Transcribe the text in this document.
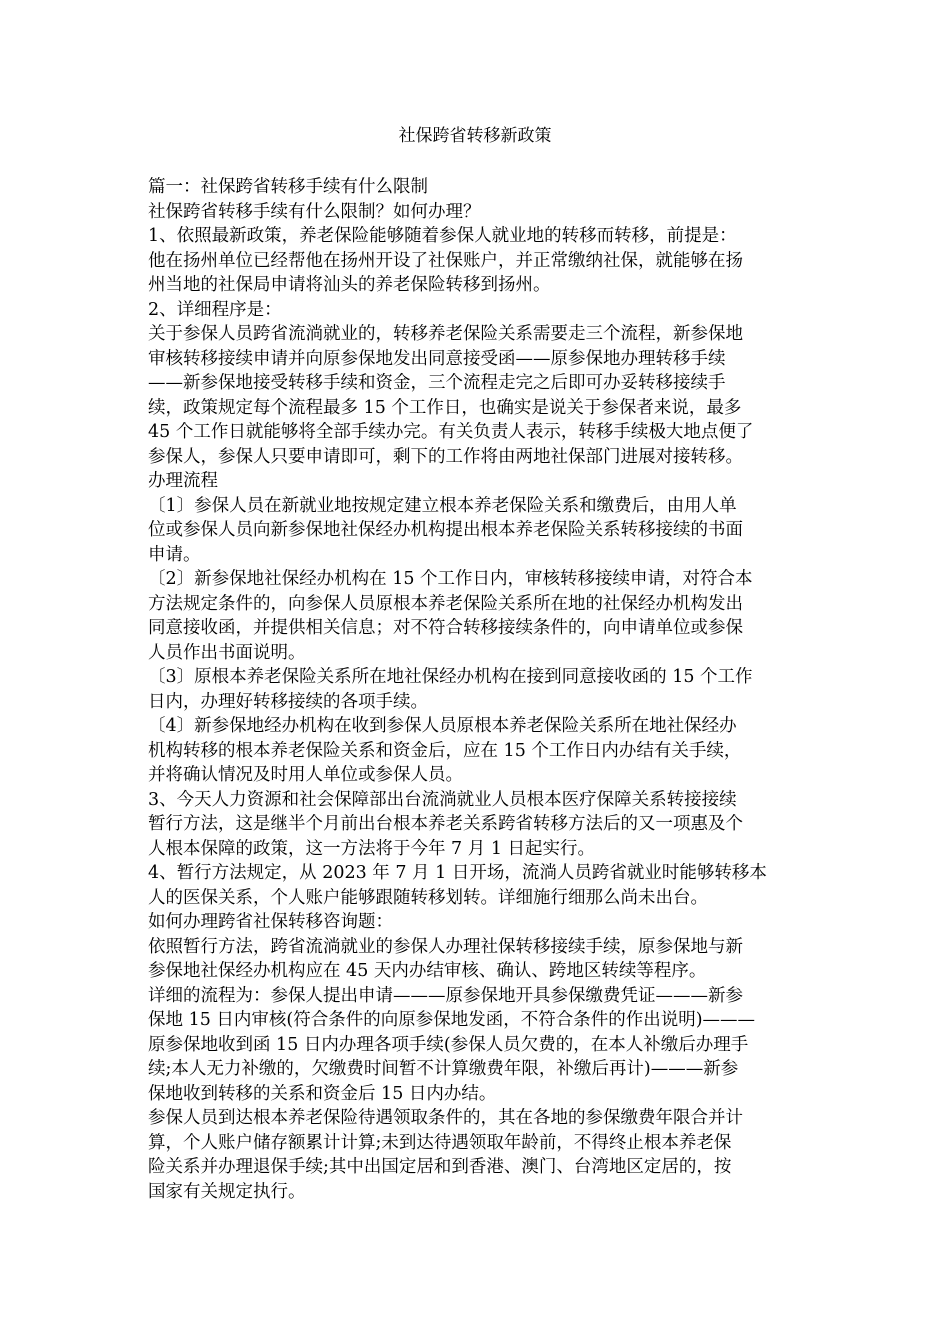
社保跨省转移新政策
篇一：社保跨省转移手续有什么限制
社保跨省转移手续有什么限制？如何办理？
1、依照最新政策，养老保险能够随着参保人就业地的转移而转移，前提是：
他在扬州单位已经帮他在扬州开设了社保账户，并正常缴纳社保，就能够在扬
州当地的社保局申请将汕头的养老保险转移到扬州。
2、详细程序是：
关于参保人员跨省流淌就业的，转移养老保险关系需要走三个流程，新参保地
审核转移接续申请并向原参保地发出同意接受函——原参保地办理转移手续
——新参保地接受转移手续和资金，三个流程走完之后即可办妥转移接续手
续，政策规定每个流程最多 15 个工作日，也确实是说关于参保者来说，最多
45 个工作日就能够将全部手续办完。有关负责人表示，转移手续极大地点便了
参保人，参保人只要申请即可，剩下的工作将由两地社保部门进展对接转移。
办理流程
〔1〕参保人员在新就业地按规定建立根本养老保险关系和缴费后，由用人单
位或参保人员向新参保地社保经办机构提出根本养老保险关系转移接续的书面
申请。
〔2〕新参保地社保经办机构在 15 个工作日内，审核转移接续申请，对符合本
方法规定条件的，向参保人员原根本养老保险关系所在地的社保经办机构发出
同意接收函，并提供相关信息；对不符合转移接续条件的，向申请单位或参保
人员作出书面说明。
〔3〕原根本养老保险关系所在地社保经办机构在接到同意接收函的 15 个工作
日内，办理好转移接续的各项手续。
〔4〕新参保地经办机构在收到参保人员原根本养老保险关系所在地社保经办
机构转移的根本养老保险关系和资金后，应在 15 个工作日内办结有关手续，
并将确认情况及时用人单位或参保人员。
3、今天人力资源和社会保障部出台流淌就业人员根本医疗保障关系转接接续
暂行方法，这是继半个月前出台根本养老关系跨省转移方法后的又一项惠及个
人根本保障的政策，这一方法将于今年 7 月 1 日起实行。
4、暂行方法规定，从 2023 年 7 月 1 日开场，流淌人员跨省就业时能够转移本
人的医保关系，个人账户能够跟随转移划转。详细施行细那么尚未出台。
如何办理跨省社保转移咨询题：
依照暂行方法，跨省流淌就业的参保人办理社保转移接续手续，原参保地与新
参保地社保经办机构应在 45 天内办结审核、确认、跨地区转续等程序。
详细的流程为：参保人提出申请———原参保地开具参保缴费凭证———新参
保地 15 日内审核(符合条件的向原参保地发函，不符合条件的作出说明)———
原参保地收到函 15 日内办理各项手续(参保人员欠费的，在本人补缴后办理手
续;本人无力补缴的，欠缴费时间暂不计算缴费年限，补缴后再计)———新参
保地收到转移的关系和资金后 15 日内办结。
参保人员到达根本养老保险待遇领取条件的，其在各地的参保缴费年限合并计
算，个人账户储存额累计计算;未到达待遇领取年龄前，不得终止根本养老保
险关系并办理退保手续;其中出国定居和到香港、澳门、台湾地区定居的，按
国家有关规定执行。
